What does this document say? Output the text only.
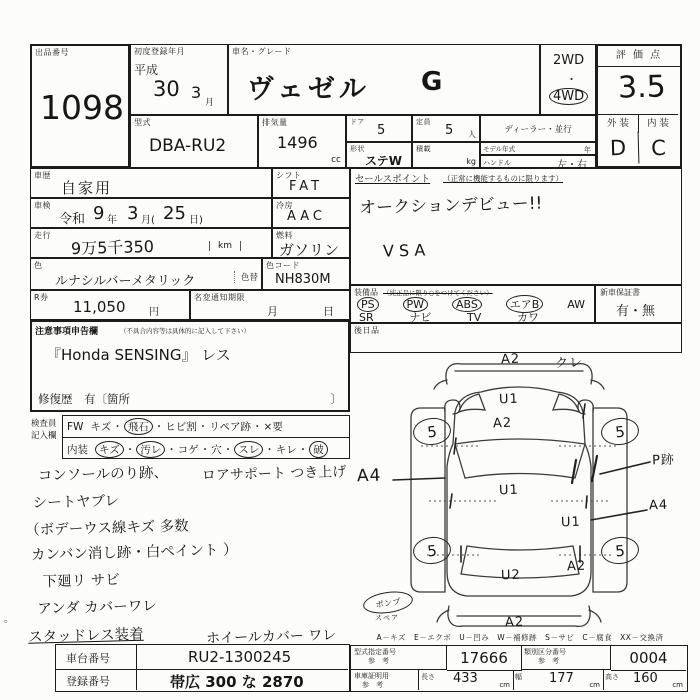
出品番号
1098
初度登録年月
平成
30 3
月
車名・グレード
ヴェゼル G
2WD
・
4WD
評 価 点
3.5
外 装	内 装
D	C
型式
DBA-RU2
排気量
1496
cc
ドア
5
定員
5 人	ディーラー・並行
形状
ステW
積載
kg
モデル年式	年
ハンドル	左・右
車歴
自家用
車検
令和 9 年 3 月( 25 日)
走行
9万5千350	km
シフト
FAT
冷房
AAC
燃料
ガソリン
色
ルナシルバーメタリック	色替
色コード
NH830M
R券
11,050 円
名変通知期限
月	日
注意事項申告欄	（不具合内容等は具体的に記入して下さい）
『Honda SENSING』 レス
修復歴　有〔箇所	〕
検査員
記入欄
FW キズ・ 飛石 ・ヒビ割・リペア跡・×要
内装	キズ ・ 汚レ ・コゲ・穴・ スレ ・キレ・ 破
セールスポイント （正常に機能するものに限ります）
オークションデビュー!!
VSA
装備品 （純正品に限り○をつけてください）
PS	PW	ABS	エアB	AW
SR	ナビ	TV	カワ
新車保証書
有・無
後日品
コンソールのり跡、
シートヤブレ
（ボデーウス線キズ 多数
カンバン消し跡・白ペイント ）
下廻リ サビ
アンダ カバーワレ
スタッドレス装着
ロアサポート つき上げ
ホイールカバー ワレ
A2	クレ
U1
A2
U1
A4
P跡
A4
U1
A2
U2
A2
5	5
5	5
ポンプ
スペア
A－キズ　E－エクボ　U－凹み　W－補修跡　S－サビ　C－腐食　XX－交換済
車台番号	RU2-1300245
登録番号	帯広 300 な 2870
型式指定番号
参　考	17666 類別区分番号
参　考	0004
車庫証明用
参　考
長さ 433	cm
幅 177 cm
高さ 160 cm
。
